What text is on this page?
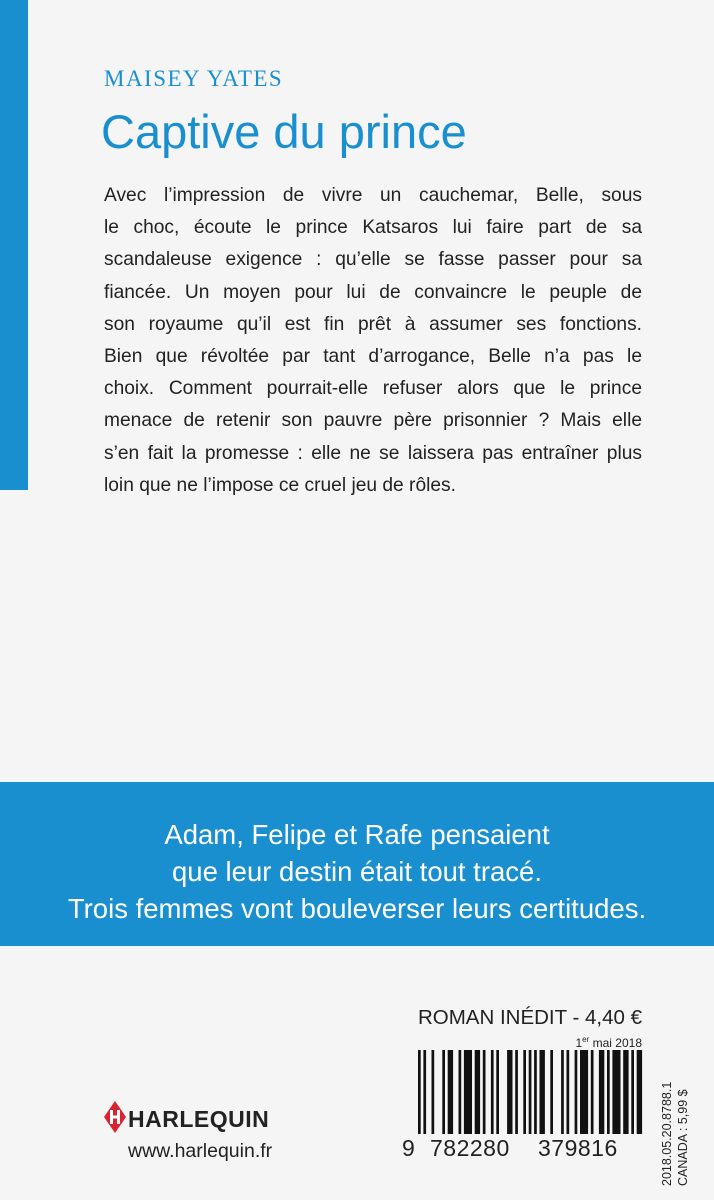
MAISEY YATES
Captive du prince
Avec l’impression de vivre un cauchemar, Belle, sous
le choc, écoute le prince Katsaros lui faire part de sa
scandaleuse exigence : qu’elle se fasse passer pour sa
fiancée. Un moyen pour lui de convaincre le peuple de
son royaume qu’il est fin prêt à assumer ses fonctions.
Bien que révoltée par tant d’arrogance, Belle n’a pas le
choix. Comment pourrait-elle refuser alors que le prince
menace de retenir son pauvre père prisonnier ? Mais elle
s’en fait la promesse : elle ne se laissera pas entraîner plus
loin que ne l’impose ce cruel jeu de rôles.
Adam, Felipe et Rafe pensaient
que leur destin était tout tracé.
Trois femmes vont bouleverser leurs certitudes.
ROMAN INÉDIT - 4,40 €
1er mai 2018
9 782280 379816	2018.05.20.8788.1 CANADA : 5,99 $
HARLEQUIN
www.harlequin.fr
